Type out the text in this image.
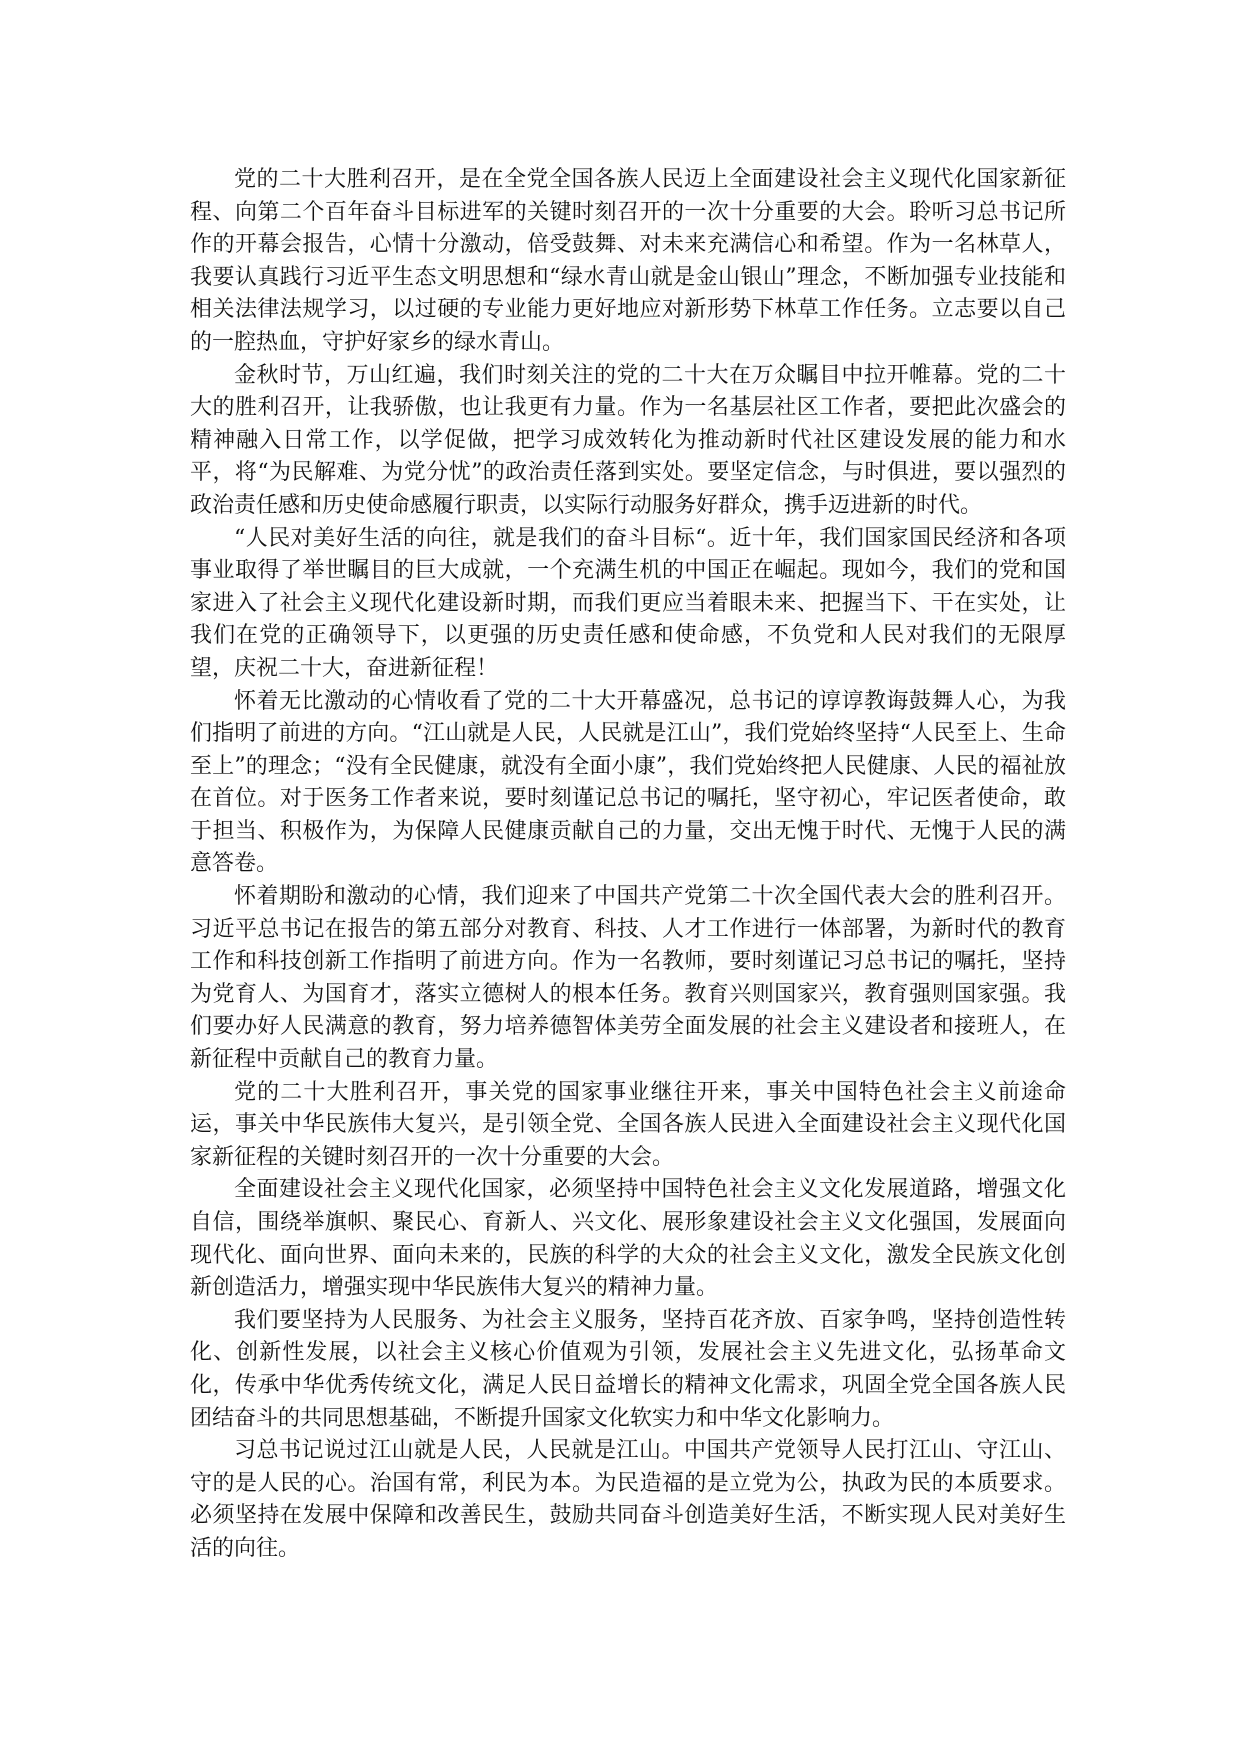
党的二十大胜利召开，是在全党全国各族人民迈上全面建设社会主义现代化国家新征程、向第二个百年奋斗目标进军的关键时刻召开的一次十分重要的大会。聆听习总书记所作的开幕会报告，心情十分激动，倍受鼓舞、对未来充满信心和希望。作为一名林草人，我要认真践行习近平生态文明思想和“绿水青山就是金山银山”理念，不断加强专业技能和相关法律法规学习，以过硬的专业能力更好地应对新形势下林草工作任务。立志要以自己的一腔热血，守护好家乡的绿水青山。

金秋时节，万山红遍，我们时刻关注的党的二十大在万众瞩目中拉开帷幕。党的二十大的胜利召开，让我骄傲，也让我更有力量。作为一名基层社区工作者，要把此次盛会的精神融入日常工作，以学促做，把学习成效转化为推动新时代社区建设发展的能力和水平，将“为民解难、为党分忧”的政治责任落到实处。要坚定信念，与时俱进，要以强烈的政治责任感和历史使命感履行职责，以实际行动服务好群众，携手迈进新的时代。

“人民对美好生活的向往，就是我们的奋斗目标“。近十年，我们国家国民经济和各项事业取得了举世瞩目的巨大成就，一个充满生机的中国正在崛起。现如今，我们的党和国家进入了社会主义现代化建设新时期，而我们更应当着眼未来、把握当下、干在实处，让我们在党的正确领导下，以更强的历史责任感和使命感，不负党和人民对我们的无限厚望，庆祝二十大，奋进新征程！

怀着无比激动的心情收看了党的二十大开幕盛况，总书记的谆谆教诲鼓舞人心，为我们指明了前进的方向。“江山就是人民，人民就是江山”，我们党始终坚持“人民至上、生命至上”的理念；“没有全民健康，就没有全面小康”，我们党始终把人民健康、人民的福祉放在首位。对于医务工作者来说，要时刻谨记总书记的嘱托，坚守初心，牢记医者使命，敢于担当、积极作为，为保障人民健康贡献自己的力量，交出无愧于时代、无愧于人民的满意答卷。

怀着期盼和激动的心情，我们迎来了中国共产党第二十次全国代表大会的胜利召开。习近平总书记在报告的第五部分对教育、科技、人才工作进行一体部署，为新时代的教育工作和科技创新工作指明了前进方向。作为一名教师，要时刻谨记习总书记的嘱托，坚持为党育人、为国育才，落实立德树人的根本任务。教育兴则国家兴，教育强则国家强。我们要办好人民满意的教育，努力培养德智体美劳全面发展的社会主义建设者和接班人，在新征程中贡献自己的教育力量。

党的二十大胜利召开，事关党的国家事业继往开来，事关中国特色社会主义前途命运，事关中华民族伟大复兴，是引领全党、全国各族人民进入全面建设社会主义现代化国家新征程的关键时刻召开的一次十分重要的大会。

全面建设社会主义现代化国家，必须坚持中国特色社会主义文化发展道路，增强文化自信，围绕举旗帜、聚民心、育新人、兴文化、展形象建设社会主义文化强国，发展面向现代化、面向世界、面向未来的，民族的科学的大众的社会主义文化，激发全民族文化创新创造活力，增强实现中华民族伟大复兴的精神力量。

我们要坚持为人民服务、为社会主义服务，坚持百花齐放、百家争鸣，坚持创造性转化、创新性发展，以社会主义核心价值观为引领，发展社会主义先进文化，弘扬革命文化，传承中华优秀传统文化，满足人民日益增长的精神文化需求，巩固全党全国各族人民团结奋斗的共同思想基础，不断提升国家文化软实力和中华文化影响力。

习总书记说过江山就是人民，人民就是江山。中国共产党领导人民打江山、守江山、守的是人民的心。治国有常，利民为本。为民造福的是立党为公，执政为民的本质要求。必须坚持在发展中保障和改善民生，鼓励共同奋斗创造美好生活，不断实现人民对美好生活的向往。
